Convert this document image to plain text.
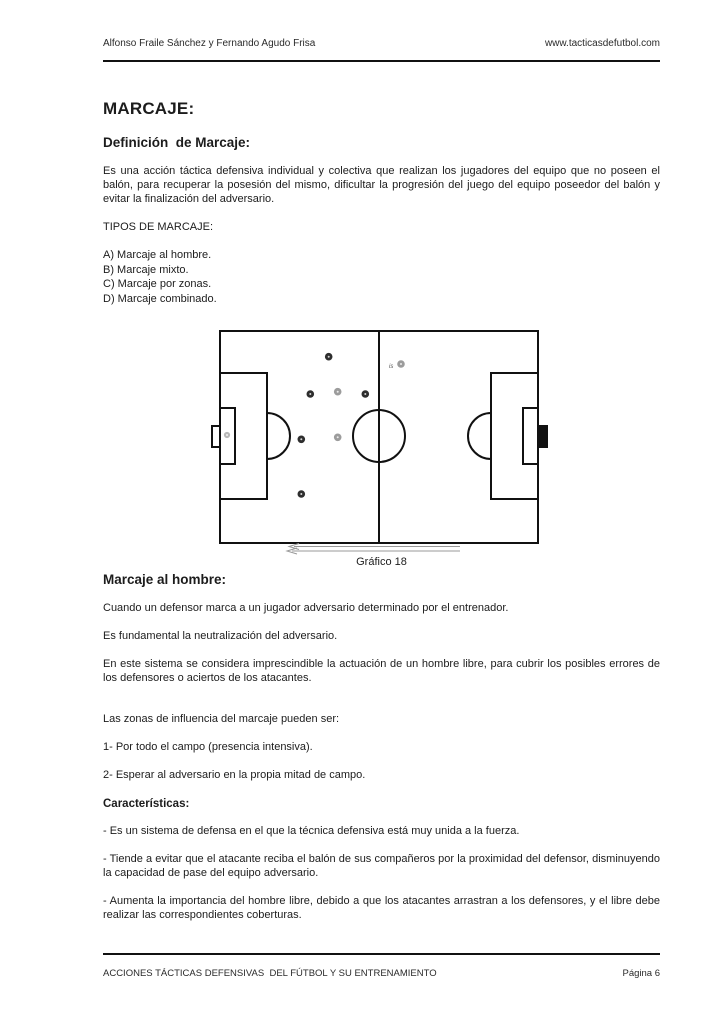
Alfonso Fraile Sánchez y Fernando Agudo Frisa	www.tacticasdefutbol.com
MARCAJE:
Definición  de Marcaje:

Es una acción táctica defensiva individual y colectiva que realizan los jugadores del equipo que no poseen el balón, para recuperar la posesión del mismo, dificultar la progresión del juego del equipo poseedor del balón y evitar la finalización del adversario.

TIPOS DE MARCAJE:

A) Marcaje al hombre.
B) Marcaje mixto.
C) Marcaje por zonas.
D) Marcaje combinado.
is
Gráfico 18
Marcaje al hombre:

Cuando un defensor marca a un jugador adversario determinado por el entrenador.

Es fundamental la neutralización del adversario.

En este sistema se considera imprescindible la actuación de un hombre libre, para cubrir los posibles errores de los defensores o aciertos de los atacantes.

Las zonas de influencia del marcaje pueden ser:

1- Por todo el campo (presencia intensiva).

2- Esperar al adversario en la propia mitad de campo.

Características:

- Es un sistema de defensa en el que la técnica defensiva está muy unida a la fuerza.

- Tiende a evitar que el atacante reciba el balón de sus compañeros por la proximidad del defensor, disminuyendo la capacidad de pase del equipo adversario.

- Aumenta la importancia del hombre libre, debido a que los atacantes arrastran a los defensores, y el libre debe realizar las correspondientes coberturas.

ACCIONES TÁCTICAS DEFENSIVAS  DEL FÚTBOL Y SU ENTRENAMIENTO	Página 6
